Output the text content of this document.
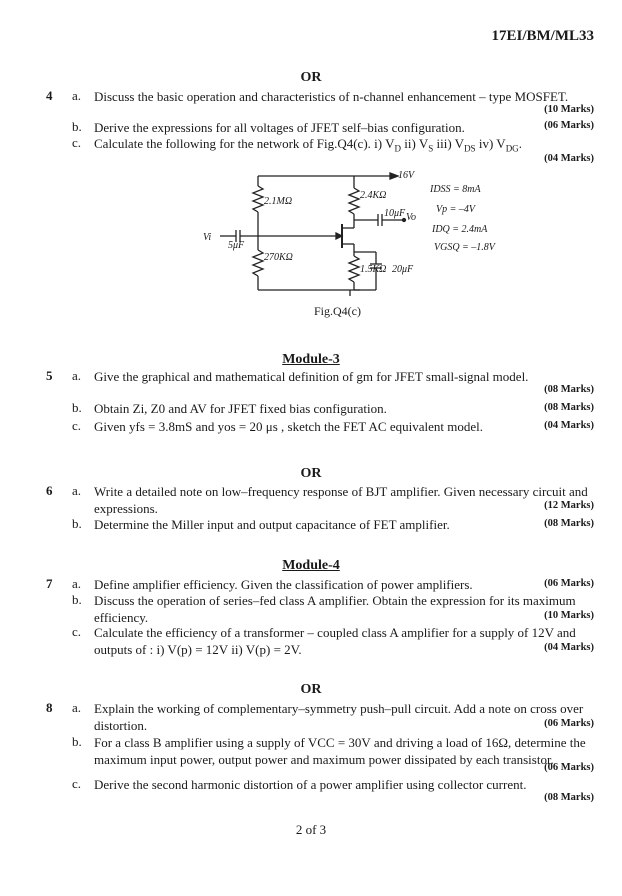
17EI/BM/ML33
OR
4 a. Discuss the basic operation and characteristics of n-channel enhancement – type MOSFET.
(10 Marks)
b. Derive the expressions for all voltages of JFET self–bias configuration.	(06 Marks)
c. Calculate the following for the network of Fig.Q4(c). i) $V_D$ ii) $V_S$ iii) $V_{DS}$ iv) $V_{DG}$.
(04 Marks)
16V
2.1MΩ
2.4KΩ
10μF
5μF
270KΩ
1.5KΩ 20μF
Vi
Vo
IDSS = 8mA
Vp = –4V
IDQ = 2.4mA
VGSQ = –1.8V
Fig.Q4(c)
Module-3
5 a. Give the graphical and mathematical definition of gm for JFET small-signal model.
(08 Marks)
b. Obtain Zi, Z0 and AV for JFET fixed bias configuration.	(08 Marks)
c. Given yfs = 3.8mS and yos = 20 μs , sketch the FET AC equivalent model.	(04 Marks)
OR
6 a. Write a detailed note on low–frequency response of BJT amplifier. Given necessary circuit and expressions.	(12 Marks)
b. Determine the Miller input and output capacitance of FET amplifier.	(08 Marks)
Module-4
7 a. Define amplifier efficiency. Given the classification of power amplifiers.	(06 Marks)
b. Discuss the operation of series–fed class A amplifier. Obtain the expression for its maximum efficiency.	(10 Marks)
c. Calculate the efficiency of a transformer – coupled class A amplifier for a supply of 12V and outputs of : i) V(p) = 12V ii) V(p) = 2V.	(04 Marks)
OR
8 a. Explain the working of complementary–symmetry push–pull circuit. Add a note on cross over distortion.	(06 Marks)
b. For a class B amplifier using a supply of VCC = 30V and driving a load of 16Ω, determine the maximum input power, output power and maximum power dissipated by each transistor.
(06 Marks)
c. Derive the second harmonic distortion of a power amplifier using collector current.
(08 Marks)
2 of 3
